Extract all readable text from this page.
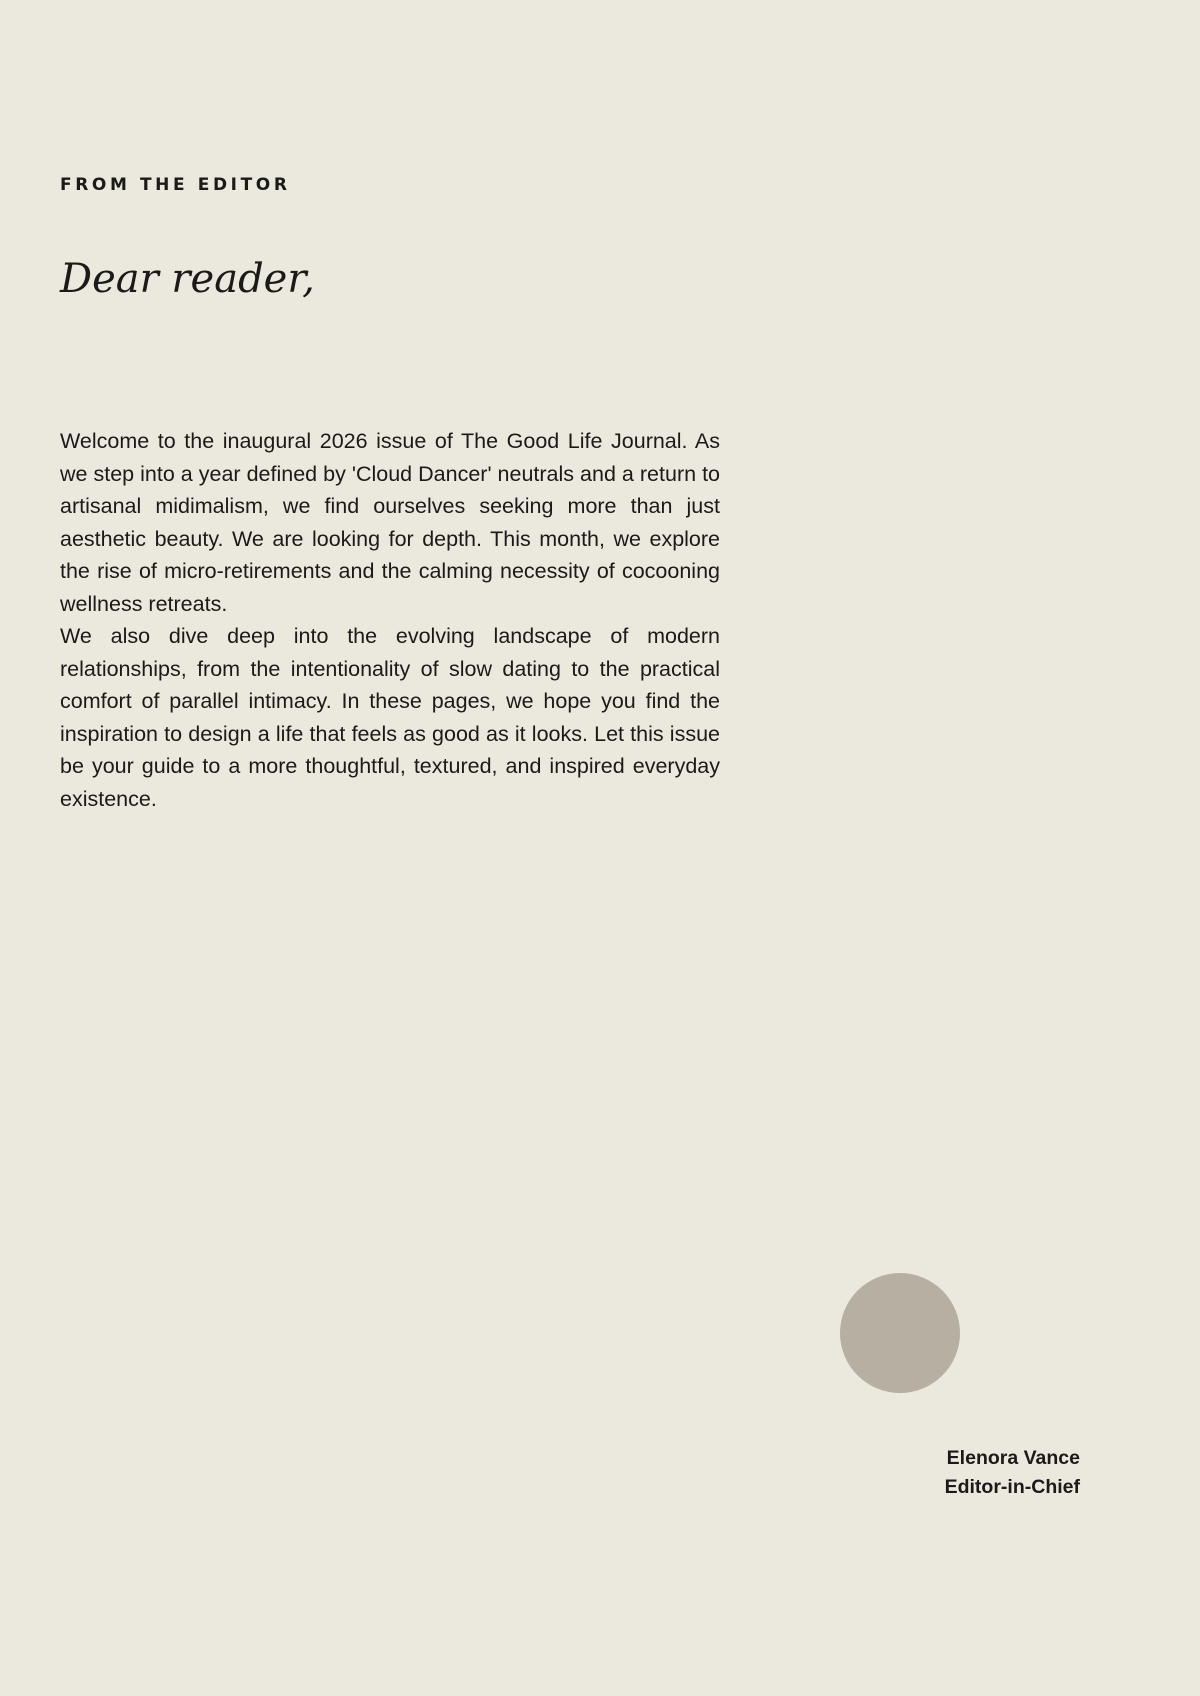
FROM THE EDITOR
Dear reader,

Welcome to the inaugural 2026 issue of The Good Life Journal. As we step into a year defined by 'Cloud Dancer' neutrals and a return to artisanal midimalism, we find ourselves seeking more than just aesthetic beauty. We are looking for depth. This month, we explore the rise of micro-retirements and the calming necessity of cocooning wellness retreats.

We also dive deep into the evolving landscape of modern relationships, from the intentionality of slow dating to the practical comfort of parallel intimacy. In these pages, we hope you find the inspiration to design a life that feels as good as it looks. Let this issue be your guide to a more thoughtful, textured, and inspired everyday existence.

Elenora Vance
Editor-in-Chief
